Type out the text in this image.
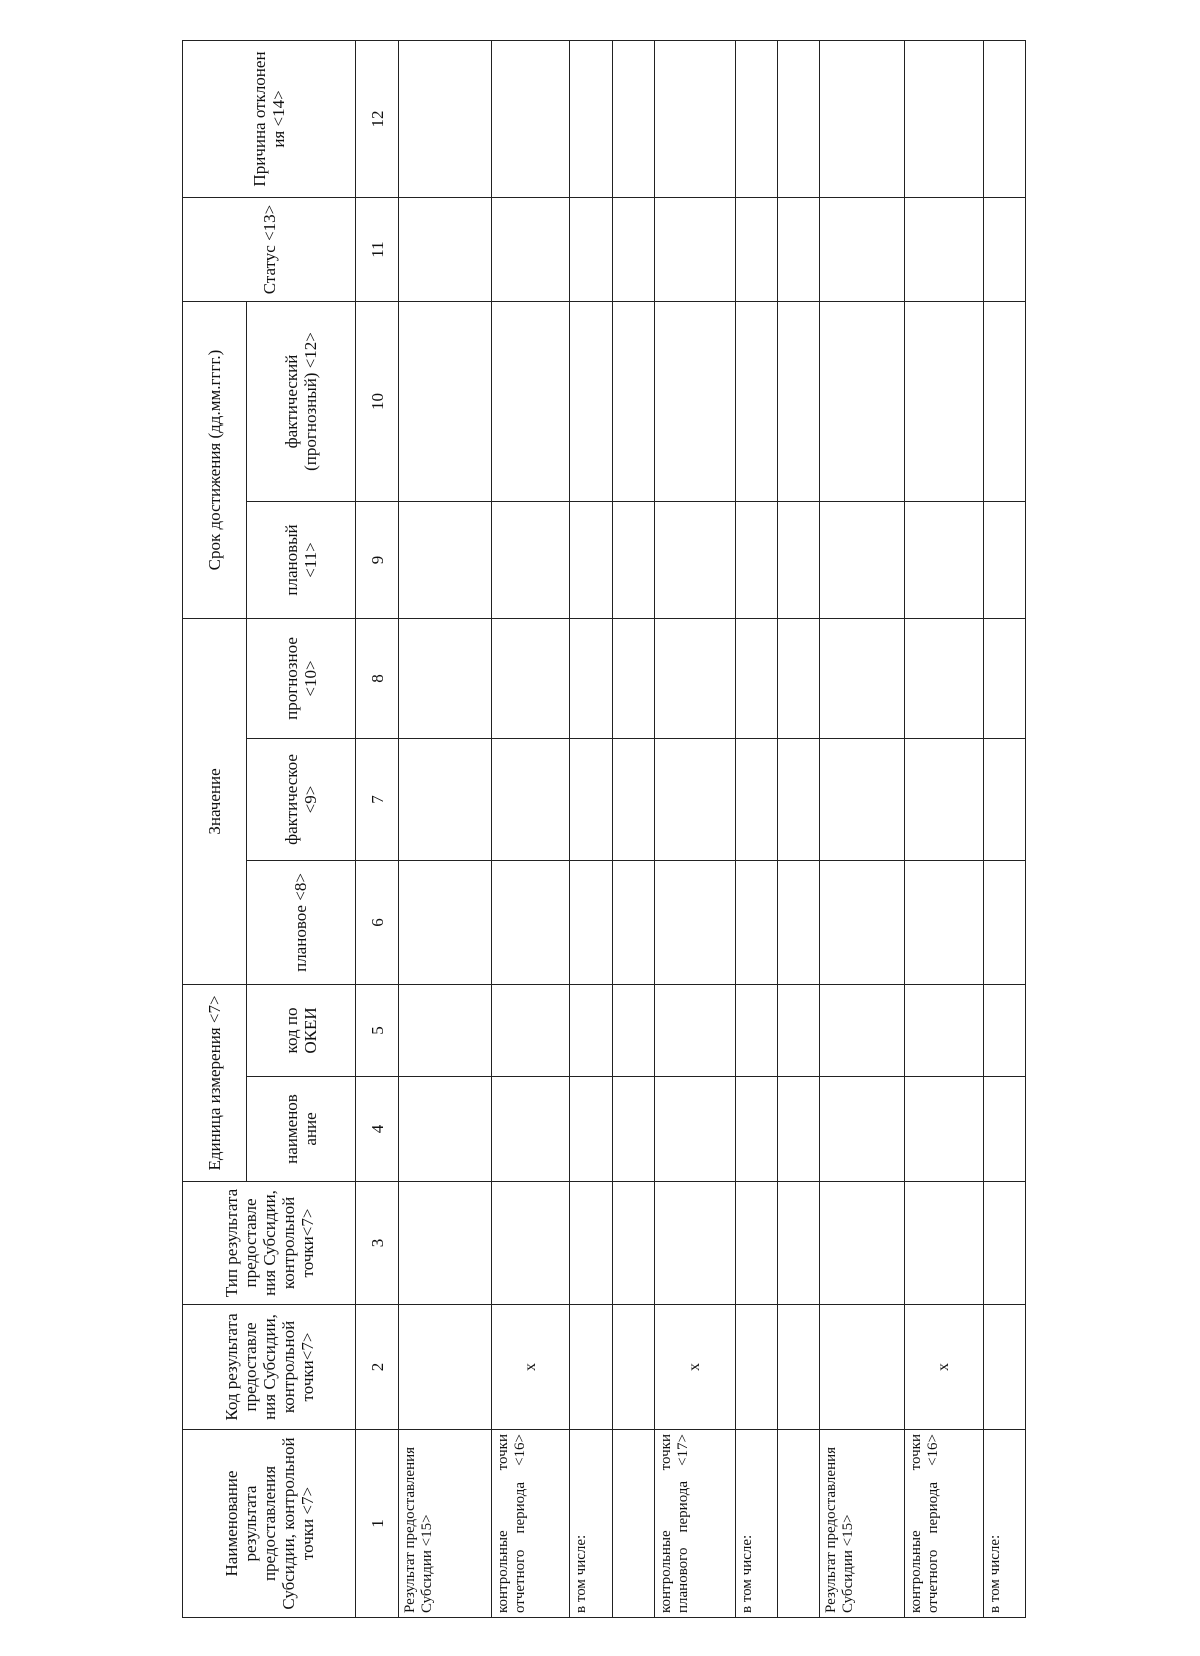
Наименование результата предоставления Субсидии, контрольной точки <7>	Код результата предоставле ния Субсидии, контрольной точки<7>	Тип результата предоставле ния Субсидии, контрольной точки<7>	Единица измерения <7>		Значение			Срок достижения (дд.мм.гггг.)		Статус <13>	Причина отклонен ия <14>
			наименов ание	код по ОКЕИ	плановое <8>	фактическое <9>	прогнозное <10>	плановый <11>	фактический (прогнозный) <12>		
1	2	3	4	5	6	7	8	9	10	11	12
Результат предоставления Субсидии <15>											
контрольные точки отчетного периода <16>	x										
в том числе:											

контрольные точки планового периода <17>	x										
в том числе:											

Результат предоставления Субсидии <15>											
контрольные точки отчетного периода <16>	x										
в том числе:											
